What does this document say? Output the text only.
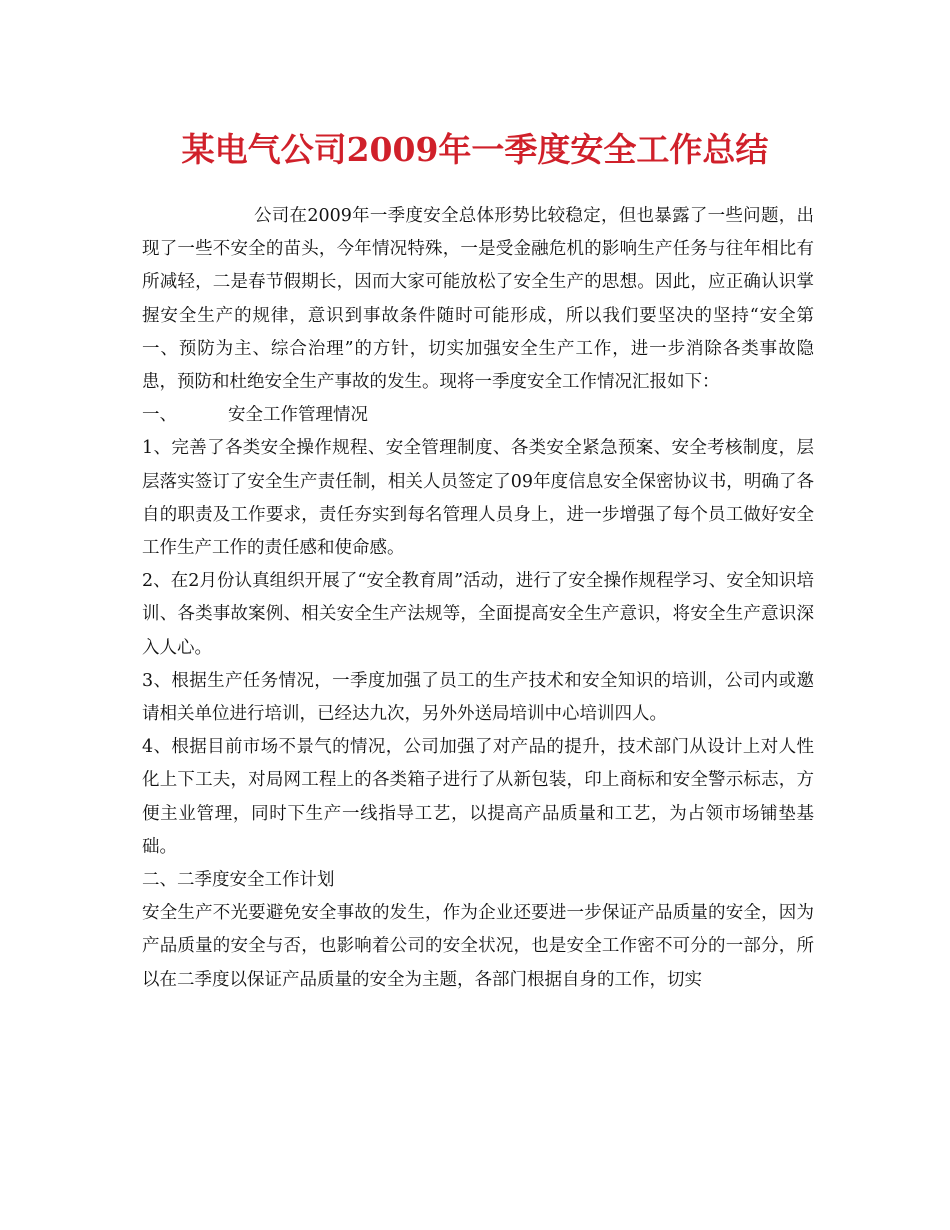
某电气公司2009年一季度安全工作总结

公司在2009年一季度安全总体形势比较稳定，但也暴露了一些问题，出现了一些不安全的苗头，今年情况特殊，一是受金融危机的影响生产任务与往年相比有所减轻，二是春节假期长，因而大家可能放松了安全生产的思想。因此，应正确认识掌握安全生产的规律，意识到事故条件随时可能形成，所以我们要坚决的坚持“安全第一、预防为主、综合治理”的方针，切实加强安全生产工作，进一步消除各类事故隐患，预防和杜绝安全生产事故的发生。现将一季度安全工作情况汇报如下：

一、	安全工作管理情况

1、完善了各类安全操作规程、安全管理制度、各类安全紧急预案、安全考核制度，层层落实签订了安全生产责任制，相关人员签定了09年度信息安全保密协议书，明确了各自的职责及工作要求，责任夯实到每名管理人员身上，进一步增强了每个员工做好安全工作生产工作的责任感和使命感。

2、在2月份认真组织开展了“安全教育周”活动，进行了安全操作规程学习、安全知识培训、各类事故案例、相关安全生产法规等，全面提高安全生产意识，将安全生产意识深入人心。

3、根据生产任务情况，一季度加强了员工的生产技术和安全知识的培训，公司内或邀请相关单位进行培训，已经达九次，另外外送局培训中心培训四人。

4、根据目前市场不景气的情况，公司加强了对产品的提升，技术部门从设计上对人性化上下工夫，对局网工程上的各类箱子进行了从新包装，印上商标和安全警示标志，方便主业管理，同时下生产一线指导工艺，以提高产品质量和工艺，为占领市场铺垫基础。

二、二季度安全工作计划

安全生产不光要避免安全事故的发生，作为企业还要进一步保证产品质量的安全，因为产品质量的安全与否，也影响着公司的安全状况，也是安全工作密不可分的一部分，所以在二季度以保证产品质量的安全为主题，各部门根据自身的工作，切实
